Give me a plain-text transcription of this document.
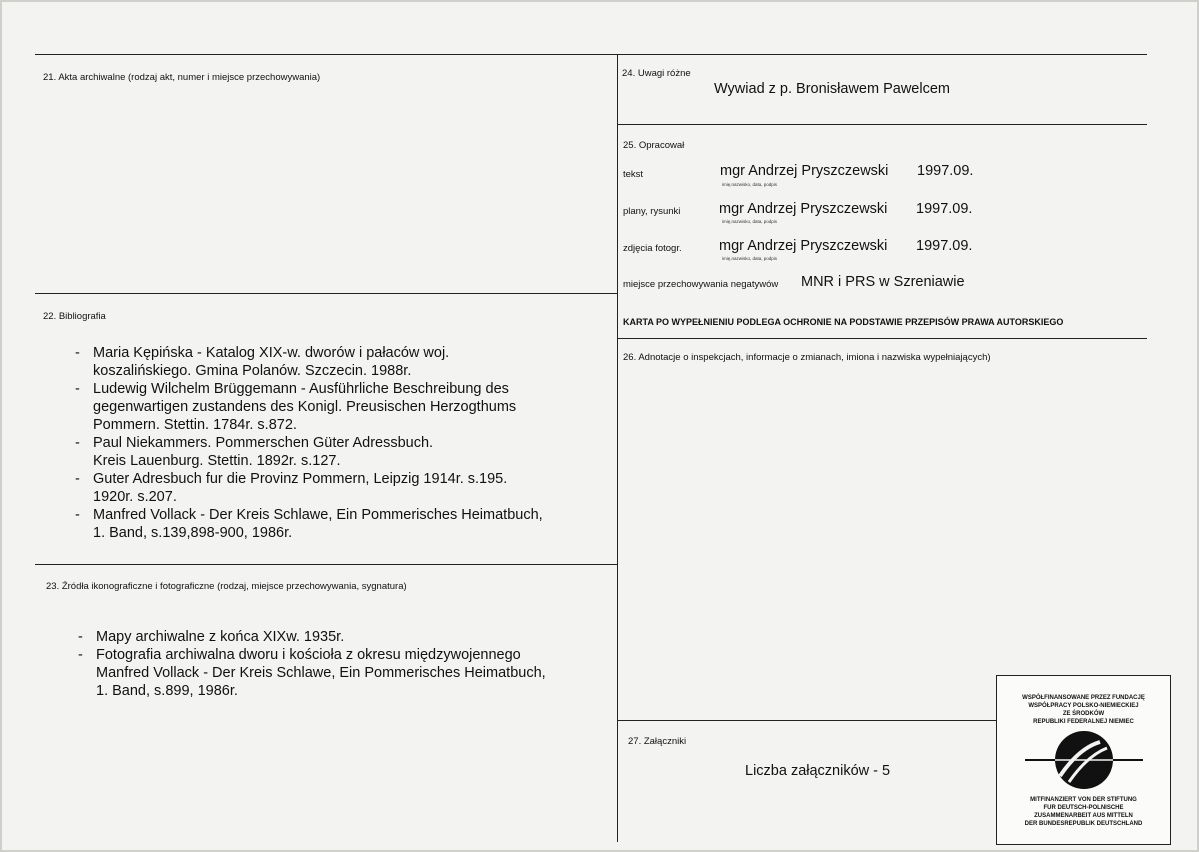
21. Akta archiwalne (rodzaj akt, numer i miejsce przechowywania)
22. Bibliografia
- Maria Kępińska - Katalog XIX-w. dworów i pałaców woj.
koszalińskiego. Gmina Polanów. Szczecin. 1988r.
- Ludewig Wilchelm Brüggemann - Ausführliche Beschreibung des
gegenwartigen zustandens des Konigl. Preusischen Herzogthums
Pommern. Stettin. 1784r. s.872.
- Paul Niekammers. Pommerschen Güter Adressbuch.
Kreis Lauenburg. Stettin. 1892r. s.127.
- Guter Adresbuch fur die Provinz Pommern, Leipzig 1914r. s.195.
1920r. s.207.
- Manfred Vollack - Der Kreis Schlawe, Ein Pommerisches Heimatbuch,
1. Band, s.139,898-900, 1986r.
23. Źródła ikonograficzne i fotograficzne (rodzaj, miejsce przechowywania, sygnatura)
- Mapy archiwalne z końca XIXw. 1935r.
- Fotografia archiwalna dworu i kościoła z okresu międzywojennego
Manfred Vollack - Der Kreis Schlawe, Ein Pommerisches Heimatbuch,
1. Band, s.899, 1986r.
24. Uwagi różne
Wywiad z p. Bronisławem Pawelcem
25. Opracował
tekst	mgr Andrzej Pryszczewski 1997.09.
imię,nazwisko, data, podpis
plany, rysunki	mgr Andrzej Pryszczewski 1997.09.
imię,nazwisko, data, podpis
zdjęcia fotogr.	mgr Andrzej Pryszczewski 1997.09.
imię,nazwisko, data, podpis
miejsce przechowywania negatywów MNR i PRS w Szreniawie
KARTA PO WYPEŁNIENIU PODLEGA OCHRONIE NA PODSTAWIE PRZEPISÓW PRAWA AUTORSKIEGO
26. Adnotacje o inspekcjach, informacje o zmianach, imiona i nazwiska wypełniających)
27. Załączniki
Liczba załączników - 5
WSPÓŁFINANSOWANE PRZEZ FUNDACJĘ
WSPÓŁPRACY POLSKO-NIEMIECKIEJ
ZE ŚRODKÓW
REPUBLIKI FEDERALNEJ NIEMIEC
MITFINANZIERT VON DER STIFTUNG
FUR DEUTSCH-POLNISCHE
ZUSAMMENARBEIT AUS MITTELN
DER BUNDESREPUBLIK DEUTSCHLAND
